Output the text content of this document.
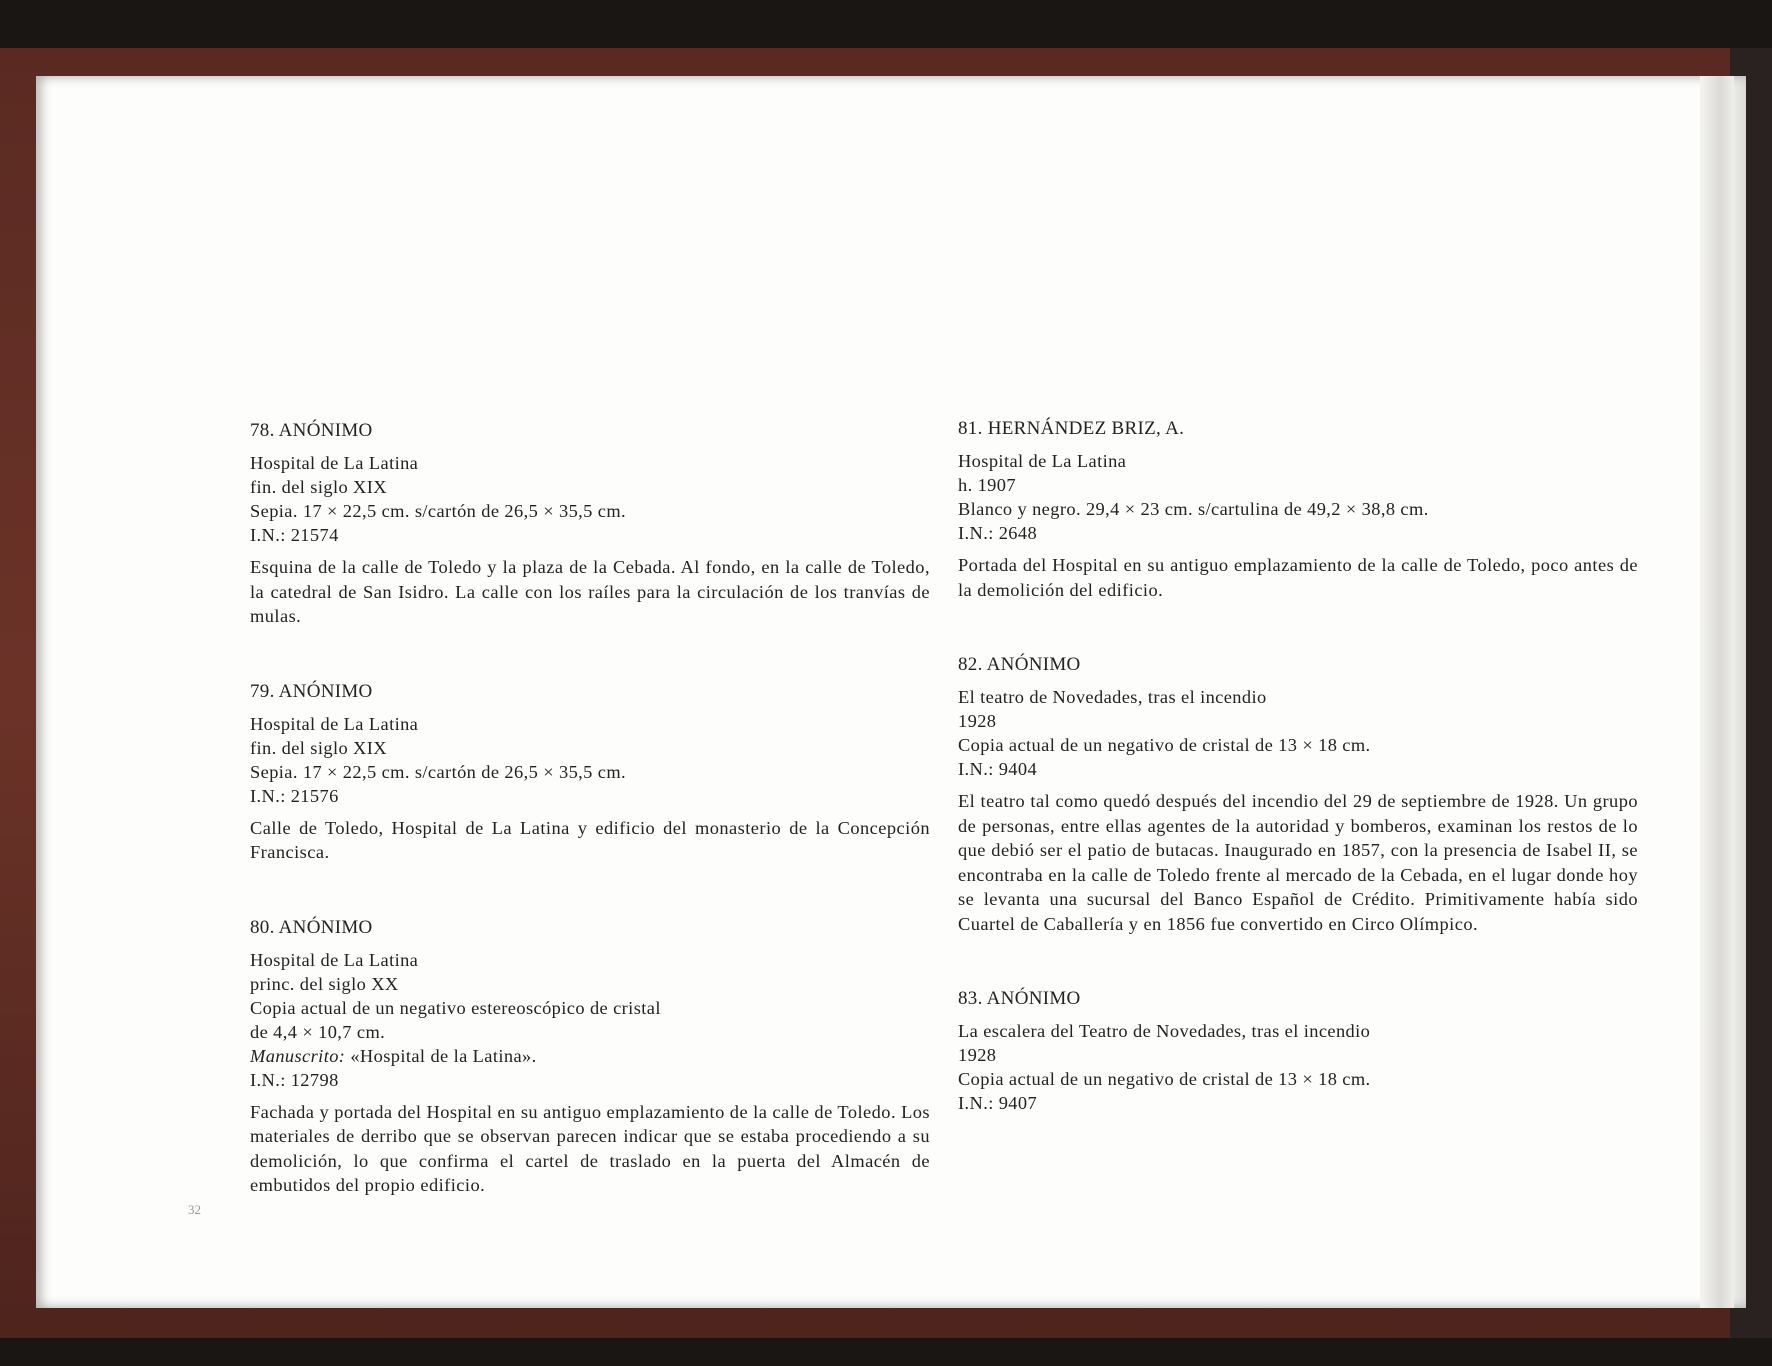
78. ANÓNIMO

Hospital de La Latina

fin. del siglo XIX

Sepia. 17 × 22,5 cm. s/cartón de 26,5 × 35,5 cm.

I.N.: 21574

Esquina de la calle de Toledo y la plaza de la Cebada. Al fondo, en la calle de Toledo, la catedral de San Isidro. La calle con los raíles para la circulación de los tranvías de mulas.

79. ANÓNIMO

Hospital de La Latina

fin. del siglo XIX

Sepia. 17 × 22,5 cm. s/cartón de 26,5 × 35,5 cm.

I.N.: 21576

Calle de Toledo, Hospital de La Latina y edificio del monasterio de la Concepción Francisca.

80. ANÓNIMO

Hospital de La Latina

princ. del siglo XX

Copia actual de un negativo estereoscópico de cristal

de 4,4 × 10,7 cm.

Manuscrito: «Hospital de la Latina».

I.N.: 12798

Fachada y portada del Hospital en su antiguo emplazamiento de la calle de Toledo. Los materiales de derribo que se observan parecen indicar que se estaba procediendo a su demolición, lo que confirma el cartel de traslado en la puerta del Almacén de embutidos del propio edificio.

81. HERNÁNDEZ BRIZ, A.

Hospital de La Latina

h. 1907

Blanco y negro. 29,4 × 23 cm. s/cartulina de 49,2 × 38,8 cm.

I.N.: 2648

Portada del Hospital en su antiguo emplazamiento de la calle de Toledo, poco antes de la demolición del edificio.

82. ANÓNIMO

El teatro de Novedades, tras el incendio

1928

Copia actual de un negativo de cristal de 13 × 18 cm.

I.N.: 9404

El teatro tal como quedó después del incendio del 29 de septiembre de 1928. Un grupo de personas, entre ellas agentes de la autoridad y bomberos, examinan los restos de lo que debió ser el patio de butacas. Inaugurado en 1857, con la presencia de Isabel II, se encontraba en la calle de Toledo frente al mercado de la Cebada, en el lugar donde hoy se levanta una sucursal del Banco Español de Crédito. Primitivamente había sido Cuartel de Caballería y en 1856 fue convertido en Circo Olímpico.

83. ANÓNIMO

La escalera del Teatro de Novedades, tras el incendio

1928

Copia actual de un negativo de cristal de 13 × 18 cm.

I.N.: 9407

32
